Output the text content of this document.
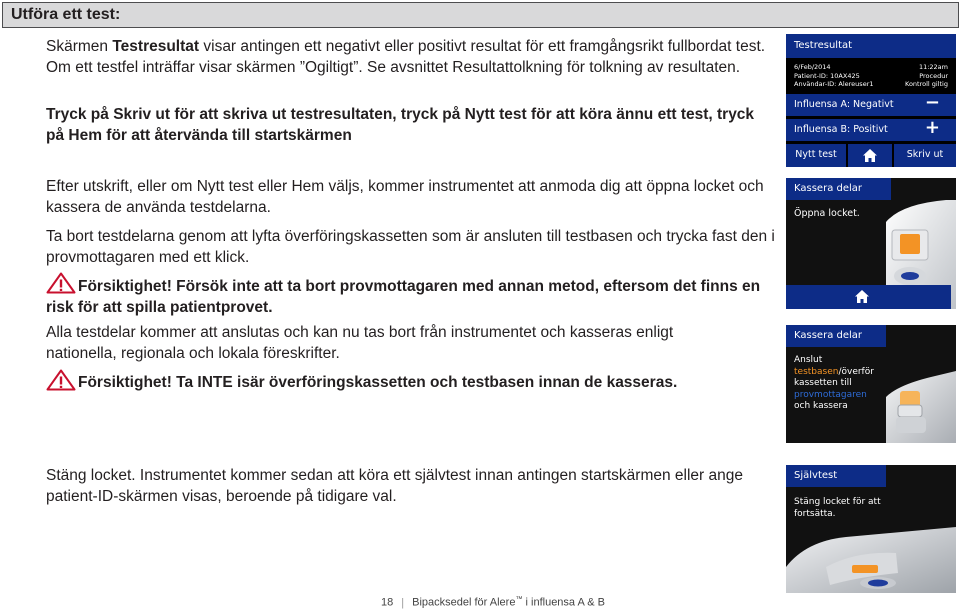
Utföra ett test:
Skärmen Testresultat visar antingen ett negativt eller positivt resultat för ett framgångsrikt fullbordat test. Om ett testfel inträffar visar skärmen ”Ogiltigt”. Se avsnittet Resultattolkning för tolkning av resultaten.
Tryck på Skriv ut för att skriva ut testresultaten, tryck på Nytt test för att köra ännu ett test, tryck på Hem för att återvända till startskärmen
Efter utskrift, eller om Nytt test eller Hem väljs, kommer instrumentet att anmoda dig att öppna locket och kassera de använda testdelarna.
Ta bort testdelarna genom att lyfta överföringskassetten som är ansluten till testbasen och trycka fast den i provmottagaren med ett klick.
Försiktighet! Försök inte att ta bort provmottagaren med annan metod, eftersom det finns en risk för att spilla patientprovet.
Alla testdelar kommer att anslutas och kan nu tas bort från instrumentet och kasseras enligt nationella, regionala och lokala föreskrifter.
Försiktighet! Ta INTE isär överföringskassetten och testbasen innan de kasseras.
Stäng locket. Instrumentet kommer sedan att köra ett självtest innan antingen startskärmen eller ange patient-ID-skärmen visas, beroende på tidigare val.
Testresultat
6/Feb/2014
Patient-ID: 10AX425
Användar-ID: Alereuser1
11:22am
Procedur
Kontroll giltig
Influensa A: Negativt −
Influensa B: Positivt +
Nytt test	Skriv ut
Kassera delar
Öppna locket.
Kassera delar
Anslut
testbasen/överför
kassetten till
provmottagaren
och kassera
Självtest
Stäng locket för att
fortsätta.
18 | Bipacksedel för Alere™ i influensa A & B
